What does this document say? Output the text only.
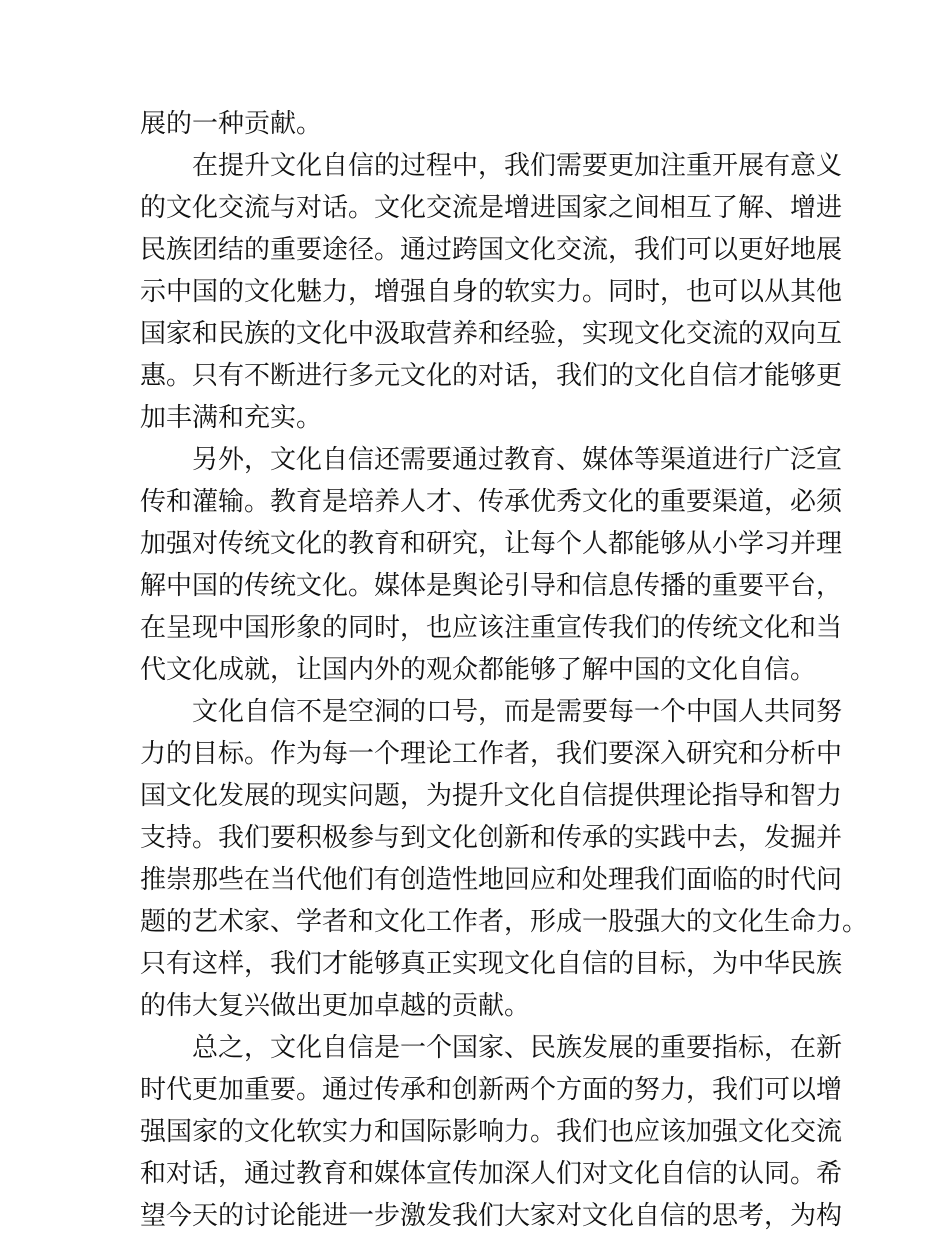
展的一种贡献。
在提升文化自信的过程中，我们需要更加注重开展有意义
的文化交流与对话。文化交流是增进国家之间相互了解、增进
民族团结的重要途径。通过跨国文化交流，我们可以更好地展
示中国的文化魅力，增强自身的软实力。同时，也可以从其他
国家和民族的文化中汲取营养和经验，实现文化交流的双向互
惠。只有不断进行多元文化的对话，我们的文化自信才能够更
加丰满和充实。
另外，文化自信还需要通过教育、媒体等渠道进行广泛宣
传和灌输。教育是培养人才、传承优秀文化的重要渠道，必须
加强对传统文化的教育和研究，让每个人都能够从小学习并理
解中国的传统文化。媒体是舆论引导和信息传播的重要平台，
在呈现中国形象的同时，也应该注重宣传我们的传统文化和当
代文化成就，让国内外的观众都能够了解中国的文化自信。
文化自信不是空洞的口号，而是需要每一个中国人共同努
力的目标。作为每一个理论工作者，我们要深入研究和分析中
国文化发展的现实问题，为提升文化自信提供理论指导和智力
支持。我们要积极参与到文化创新和传承的实践中去，发掘并
推崇那些在当代他们有创造性地回应和处理我们面临的时代问
题的艺术家、学者和文化工作者，形成一股强大的文化生命力。
只有这样，我们才能够真正实现文化自信的目标，为中华民族
的伟大复兴做出更加卓越的贡献。
总之，文化自信是一个国家、民族发展的重要指标，在新
时代更加重要。通过传承和创新两个方面的努力，我们可以增
强国家的文化软实力和国际影响力。我们也应该加强文化交流
和对话，通过教育和媒体宣传加深人们对文化自信的认同。希
望今天的讨论能进一步激发我们大家对文化自信的思考，为构
